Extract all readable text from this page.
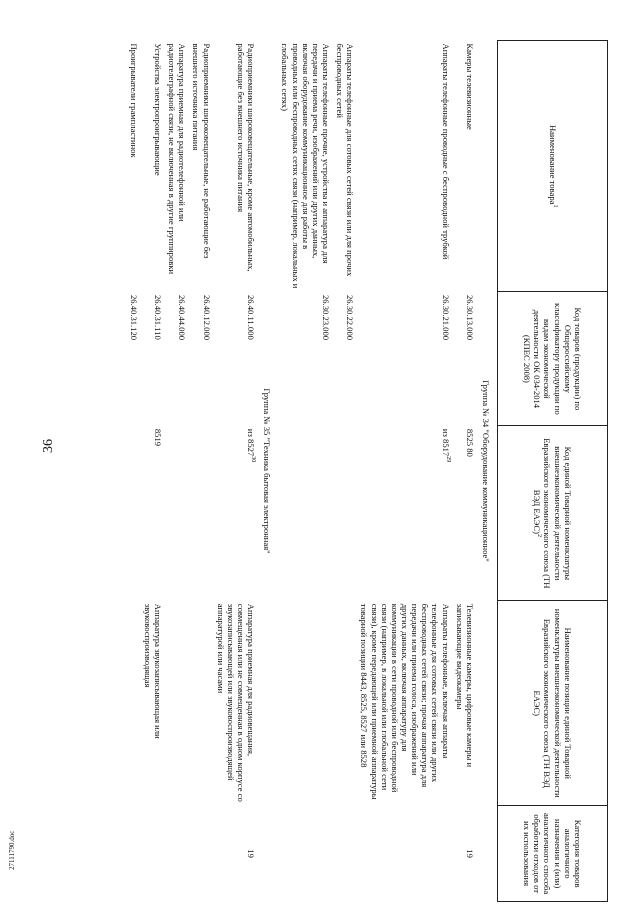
36
Наименование товара$^1$	Код товаров (продукции) по Общероссийскому классификатору продукции по видам экономической деятельности ОК 034-2014 (КПЕС 2008)	Код единой Товарной номенклатуры внешнеэкономической деятельности Евразийского экономического союза (ТН ВЭД ЕАЭС)$^2$	Наименование позиции единой Товарной номенклатуры внешнеэкономической деятельности Евразийского экономического союза (ТН ВЭД ЕАЭС)	Категория товаров аналогичного назначения и (или) аналогичного способа обработки отходов от их использования
Группа № 34 "Оборудование коммуникационное"				
Камеры телевизионные	26.30.13.000	8525 80	Телевизионные камеры, цифровые камеры и записывающие видеокамеры	19
Аппараты телефонные проводные с беспроводной трубкой	26.30.21.000	из 8517$^{29}$	Аппараты телефонные, включая аппараты телефонные для сотовых сетей связи или других беспроводных сетей связи; прочая аппаратура для передачи или приема голоса, изображений или других данных, включая аппаратуру для коммуникации в сети проводной или беспроводной связи (например, в локальной или глобальной сети связи), кроме передающей или приемной аппаратуры товарной позиции 8443, 8525, 8527 или 8528	
Аппараты телефонные для сотовых сетей связи или для прочих беспроводных сетей	26.30.22.000			
Аппараты телефонные прочие, устройства и аппаратура для передачи и приема речи, изображений или других данных, включая оборудование коммуникационное для работы в проводных или беспроводных сетях связи (например, локальных и глобальных сетях)	26.30.23.000			
Группа № 35 "Техника бытовая электронная"				
Радиоприемники широковещательные, кроме автомобильных, работающие без внешнего источника питания	26.40.11.000	из 8527$^{30}$	Аппаратура приемная для радиовещания, совмещенная или не совмещенная в одном корпусе со звукозаписывающей или звуковоспроизводящей аппаратурой или часами	19
Радиоприемники широковещательные, не работающие без внешнего источника питания	26.40.12.000			
Аппаратура приемная для радиотелефонной или радиотелеграфной связи, не включенная в другие группировки	26.40.44.000			
Устройства электропроигрывающие	26.40.31.110	8519	Аппаратура звукозаписывающая или звуковоспроизводящая	
Проигрыватели грампластинок	26.40.31.120			
27111790.doc
